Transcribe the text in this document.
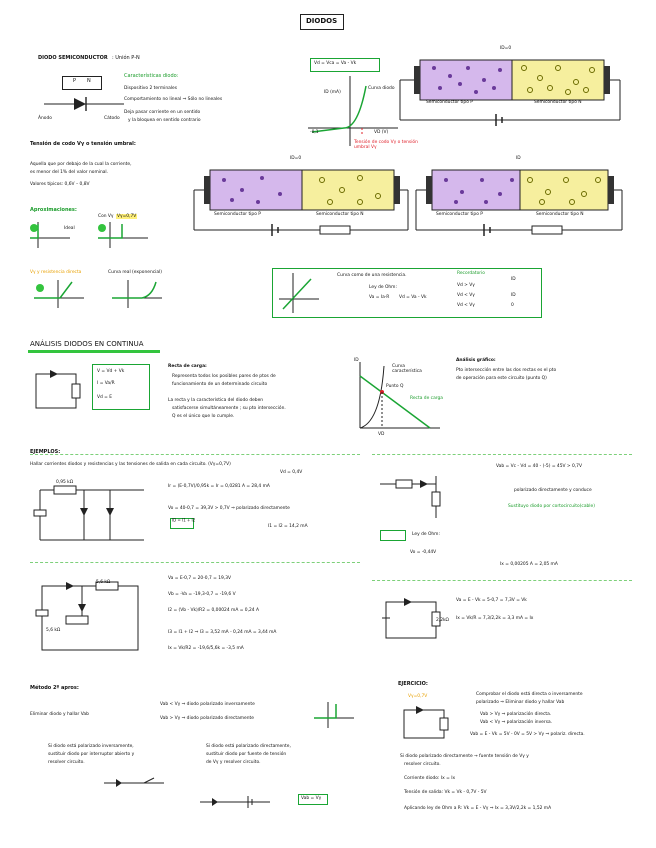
DIODOS
DIODO SEMICONDUCTOR : Unión P-N
P N
Ánodo	Cátodo
Características diodo:
Dispositivo 2 terminales
Comportamiento no lineal ⇒ Sólo no lineales
Deja pasar corriente en un sentido
y la bloquea en sentido contrario
Tensión de codo Vγ o tensión umbral:
Aquella que por debajo de la cual la corriente,
es menor del 1% del valor nominal.
Valores típicos: 0,6V – 0,8V
Aproximaciones:
Ideal
Con Vγ Vγ=0,7V
Vγ y resistencia directa	Curva real (exponencial)
Vd = Vca = Va - Vk
ID (mA)
Curva diodo
-0,1	VD (V)
Tensión de codo Vγ o tensión umbral Vγ
ID=0
Semiconductor tipo P	Semiconductor tipo N
ID=0
Semiconductor tipo P	Semiconductor tipo N
ID
Semiconductor tipo P	Semiconductor tipo N
Curva como de una resistencia.
Ley de Ohm:
Va = Ia·R Vd = Va - Vk
Recordatorio
Vd > Vγ
Vd < Vγ
Vd < Vγ
ID
ID
0
ANÁLISIS DIODOS EN CONTINUA
V = Vd + Vk
I = Va/R
Vd = E
Recta de carga:
Representa todos los posibles pares de ptos de
funcionamiento de un determinado circuito
La recta y la característica del diodo deben
satisfacerse simultáneamente ; su pto intersección.
Q es el único que lo cumple.
ID
VD
Punto Q
Curva característica
Recta de carga
Análisis gráfico:
Pto intersección entre las dos rectas es el pto
de operación para este circuito (punto Q)
EJEMPLOS:
Hallar corrientes diodos y resistencias y las tensiones de salida en cada circuito. (Vγ=0,7V)
0,95 kΩ
Ir = (E-0,7V)/0,95k = Ir = 0,0281 A = 28,4 mA
Vd = 0,4V
Vo = 40-0,7 = 39,3V > 0,7V ⇒ polarizado directamente
ID = I1 + I2
I1 = I2 = 14,2 mA
5,6 kΩ
5,6 kΩ
Va = E-0,7 = 20-0,7 = 19,3V
Vb = -Va = -19,3-0,7 = -19,6 V
I2 = (Vb - Vk)/R2 = 0,00024 mA = 0,24 A
I3 = I1 + I2 ⇒ I3 = 3,52 mA - 0,24 mA = 3,44 mA
Ix = Vk/R2 = -19,6/5,6k = -3,5 mA
Vab = Vc - Vd = 40 - (-5) = 45V > 0,7V
polarizado directamente y conduce
Sustituyo diodo por cortocircuito(cable)
Ley de Ohm:
Vo = -0,44V
Ix = 0,00205 A = 2,05 mA
2,2kΩ
Va = E - Vk = 5-0,7 = 7,3V = Vk
Ix = Vk/R = 7,3/2,2k = 3,3 mA = Ix
Método 2º apros:
Eliminar diodo y hallar Vab
Vab < Vγ ⇒ diodo polarizado inversamente
Vab > Vγ ⇒ diodo polarizado directamente
Si diodo está polarizado inversamente,
sustituir diodo por interruptor abierto y
resolver circuito.
Si diodo está polarizado directamente,
sustituir diodo por fuente de tensión
de Vγ y resolver circuito.
Vab = Vγ
EJERCICIO:
Vγ=0,7V	Comprobar el diodo está directa o inversamente
polarizado ⇒ Eliminar diodo y hallar Vab
Vab > Vγ ⇒ polarización directa.
Vab < Vγ ⇒ polarización inversa.
Vab = E - Vk = 5V - 0V = 5V > Vγ ⇒ polariz. directa.
Si diodo polarizado directamente → fuente tensión de Vγ y
resolver circuito.
Corriente diodo: Ix = Ix
Tensión de salida: Vk = Vk - 0,7V - 5V
Aplicando ley de Ohm a R: Vk = E - Vγ ⇒ Ix = 3,3V/2,2k = 1,52 mA
